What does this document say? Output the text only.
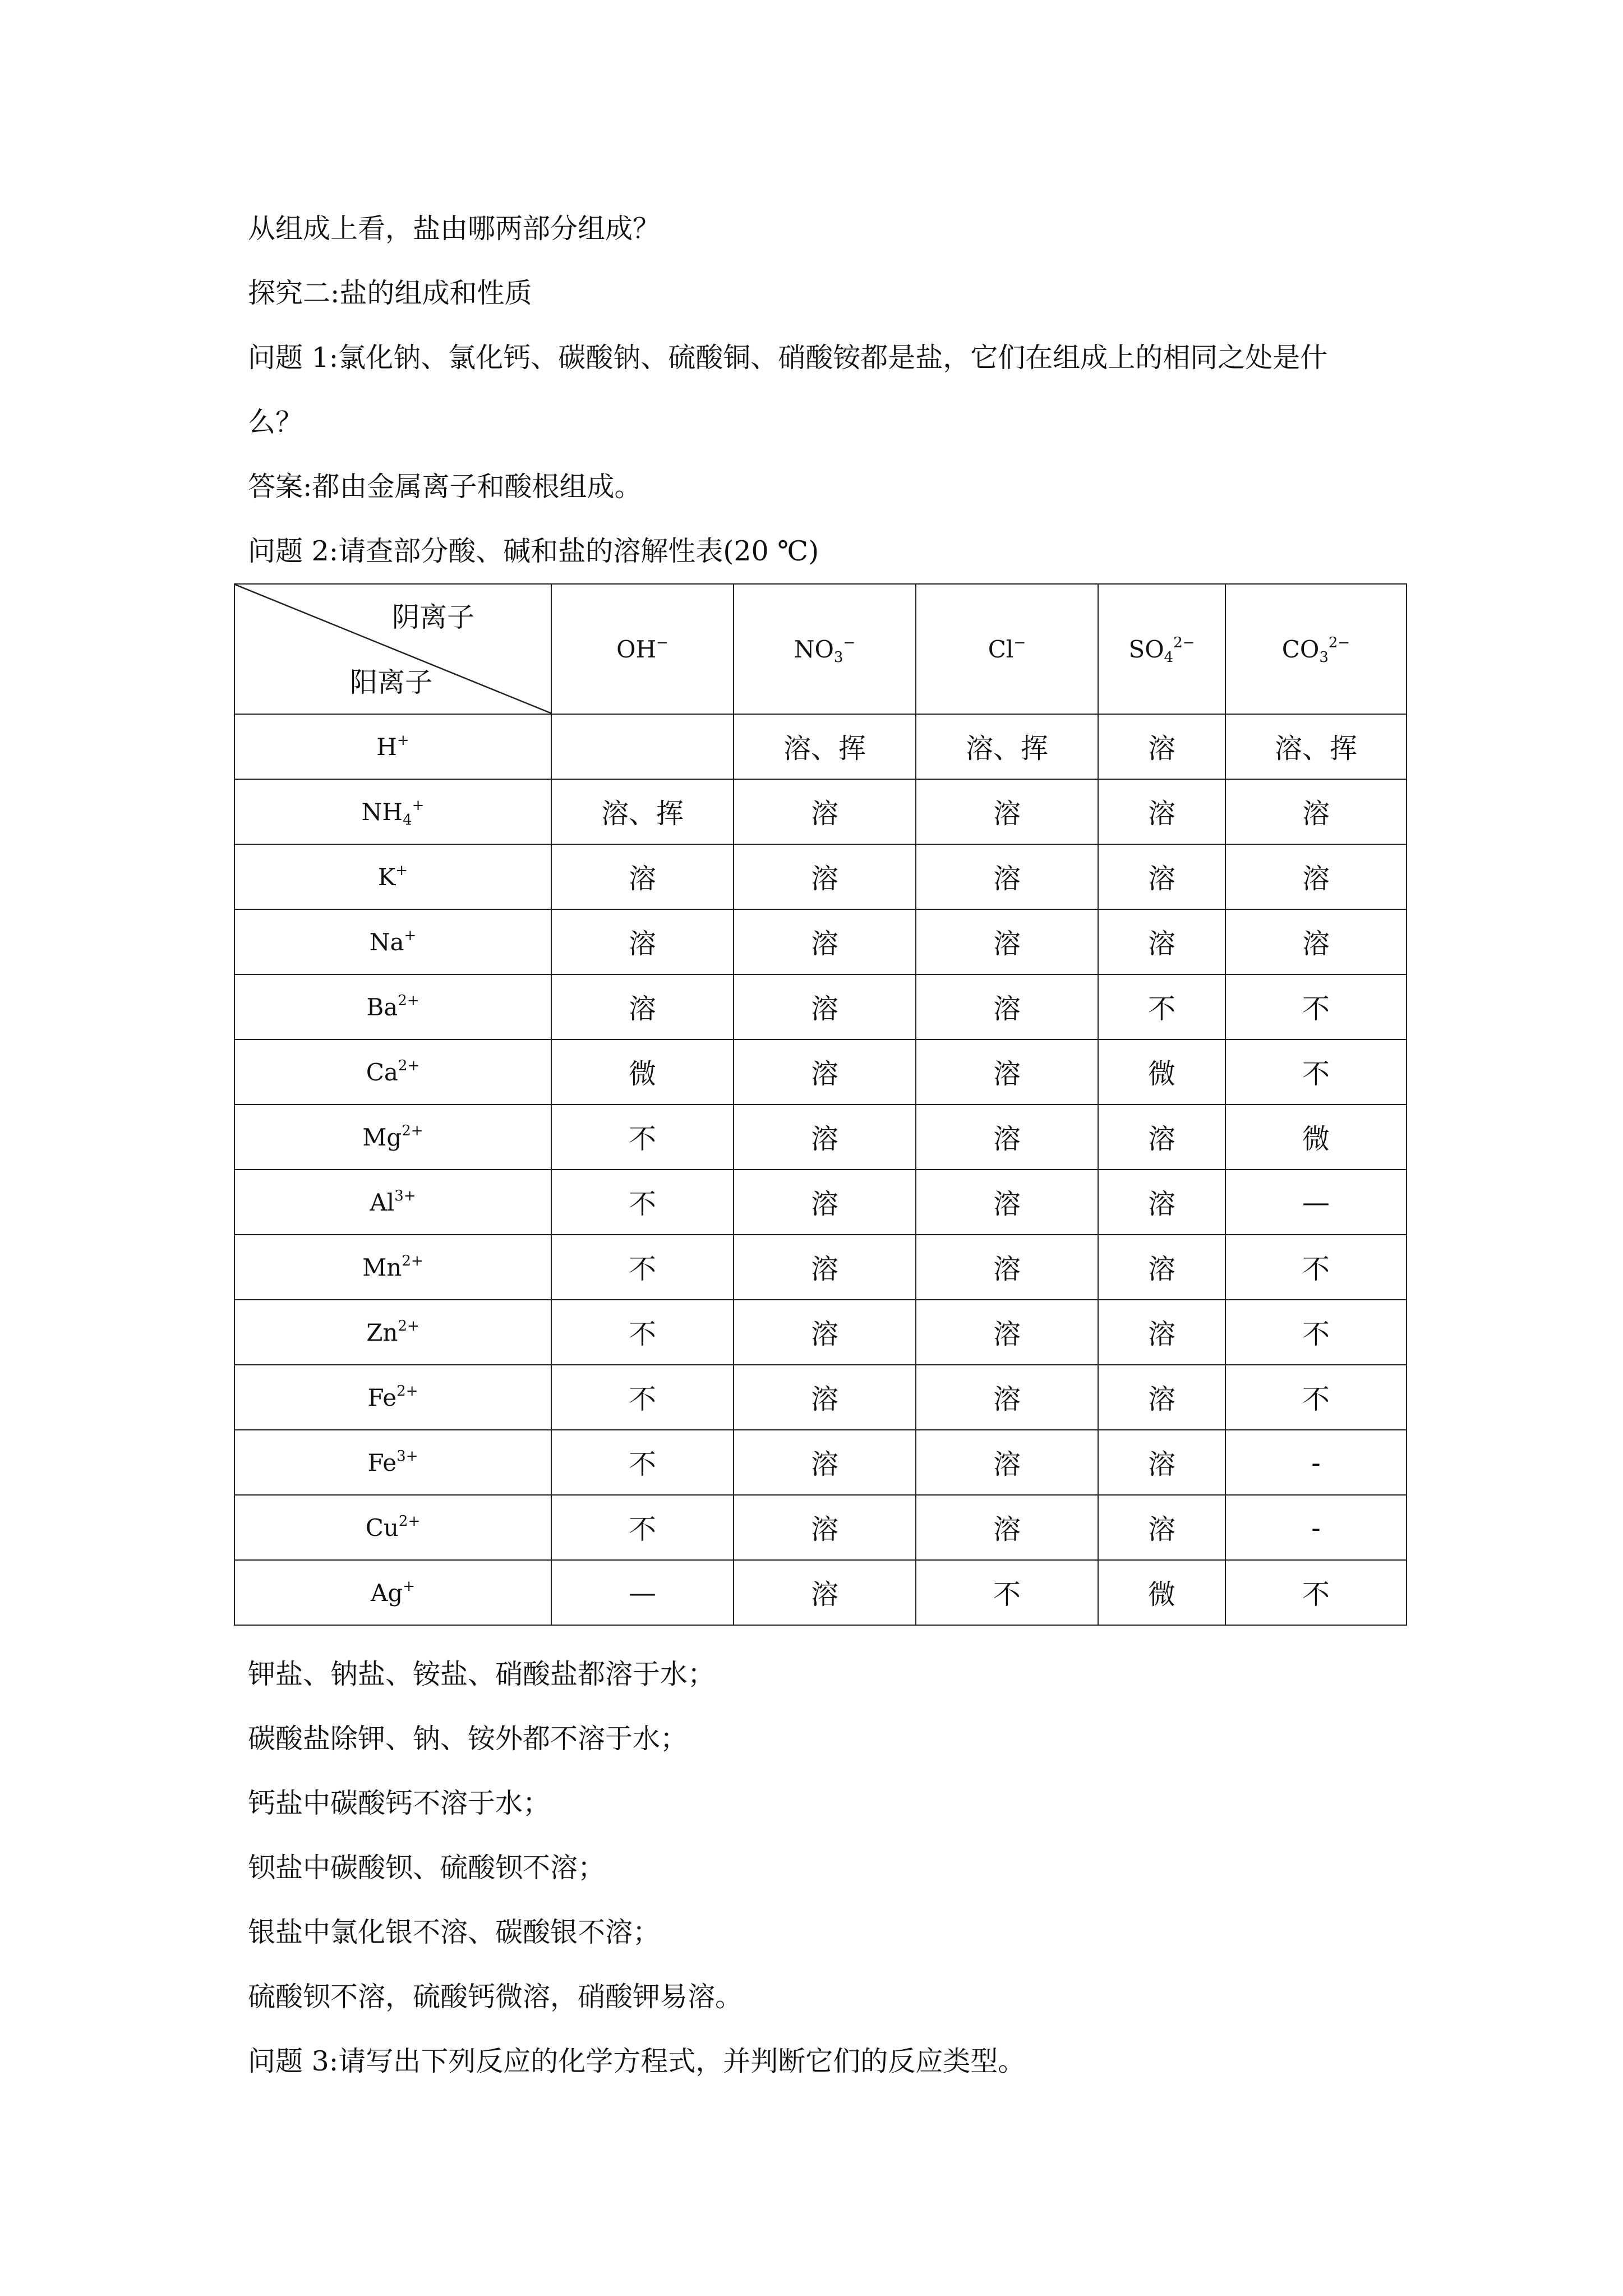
从组成上看，盐由哪两部分组成？
探究二:盐的组成和性质
问题 1:氯化钠、氯化钙、碳酸钠、硫酸铜、硝酸铵都是盐，它们在组成上的相同之处是什
么？
答案:都由金属离子和酸根组成。
问题 2:请查部分酸、碱和盐的溶解性表(20 ℃)
阴离子
阳离子	OH−	$NO_3^-$	Cl−	$SO_4^{2-}$	$CO_3^{2-}$
H+		溶、挥	溶、挥	溶	溶、挥
$NH_4^+$	溶、挥	溶	溶	溶	溶
K+	溶	溶	溶	溶	溶
Na+	溶	溶	溶	溶	溶
$Ba^{2+}$	溶	溶	溶	不	不
$Ca^{2+}$	微	溶	溶	微	不
$Mg^{2+}$	不	溶	溶	溶	微
$Al^{3+}$	不	溶	溶	溶	—
$Mn^{2+}$	不	溶	溶	溶	不
$Zn^{2+}$	不	溶	溶	溶	不
$Fe^{2+}$	不	溶	溶	溶	不
$Fe^{3+}$	不	溶	溶	溶	-
$Cu^{2+}$	不	溶	溶	溶	-
Ag+	—	溶	不	微	不
钾盐、钠盐、铵盐、硝酸盐都溶于水；
碳酸盐除钾、钠、铵外都不溶于水；
钙盐中碳酸钙不溶于水；
钡盐中碳酸钡、硫酸钡不溶；
银盐中氯化银不溶、碳酸银不溶；
硫酸钡不溶，硫酸钙微溶，硝酸钾易溶。
问题 3:请写出下列反应的化学方程式，并判断它们的反应类型。
